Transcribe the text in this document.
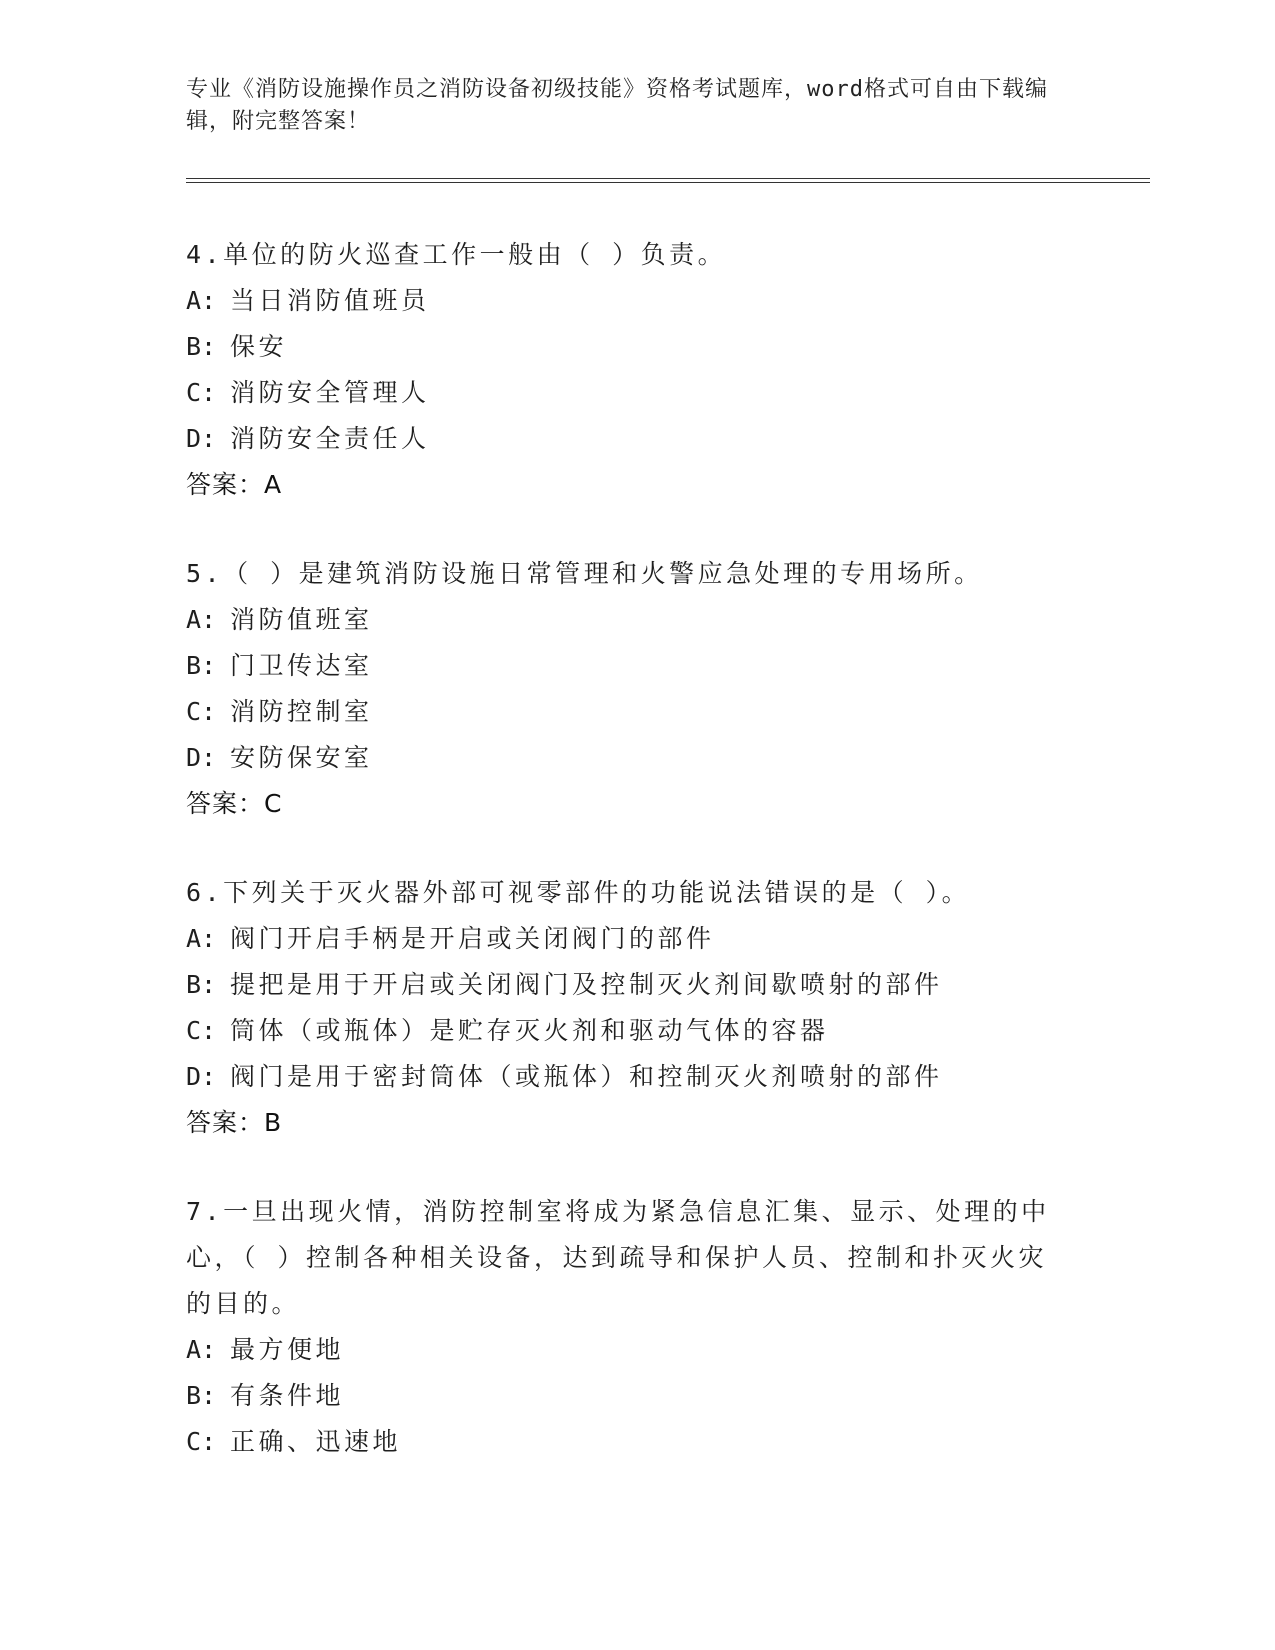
专业《消防设施操作员之消防设备初级技能》资格考试题库，word格式可自由下载编辑，附完整答案！
4.单位的防火巡查工作一般由（ ）负责。
A: 当日消防值班员
B: 保安
C: 消防安全管理人
D: 消防安全责任人
答案：A
5.（ ）是建筑消防设施日常管理和火警应急处理的专用场所。
A: 消防值班室
B: 门卫传达室
C: 消防控制室
D: 安防保安室
答案：C
6.下列关于灭火器外部可视零部件的功能说法错误的是（ ）。
A: 阀门开启手柄是开启或关闭阀门的部件
B: 提把是用于开启或关闭阀门及控制灭火剂间歇喷射的部件
C: 筒体（或瓶体）是贮存灭火剂和驱动气体的容器
D: 阀门是用于密封筒体（或瓶体）和控制灭火剂喷射的部件
答案：B
7.一旦出现火情，消防控制室将成为紧急信息汇集、显示、处理的中心，（ ）控制各种相关设备，达到疏导和保护人员、控制和扑灭火灾的目的。
A: 最方便地
B: 有条件地
C: 正确、迅速地
